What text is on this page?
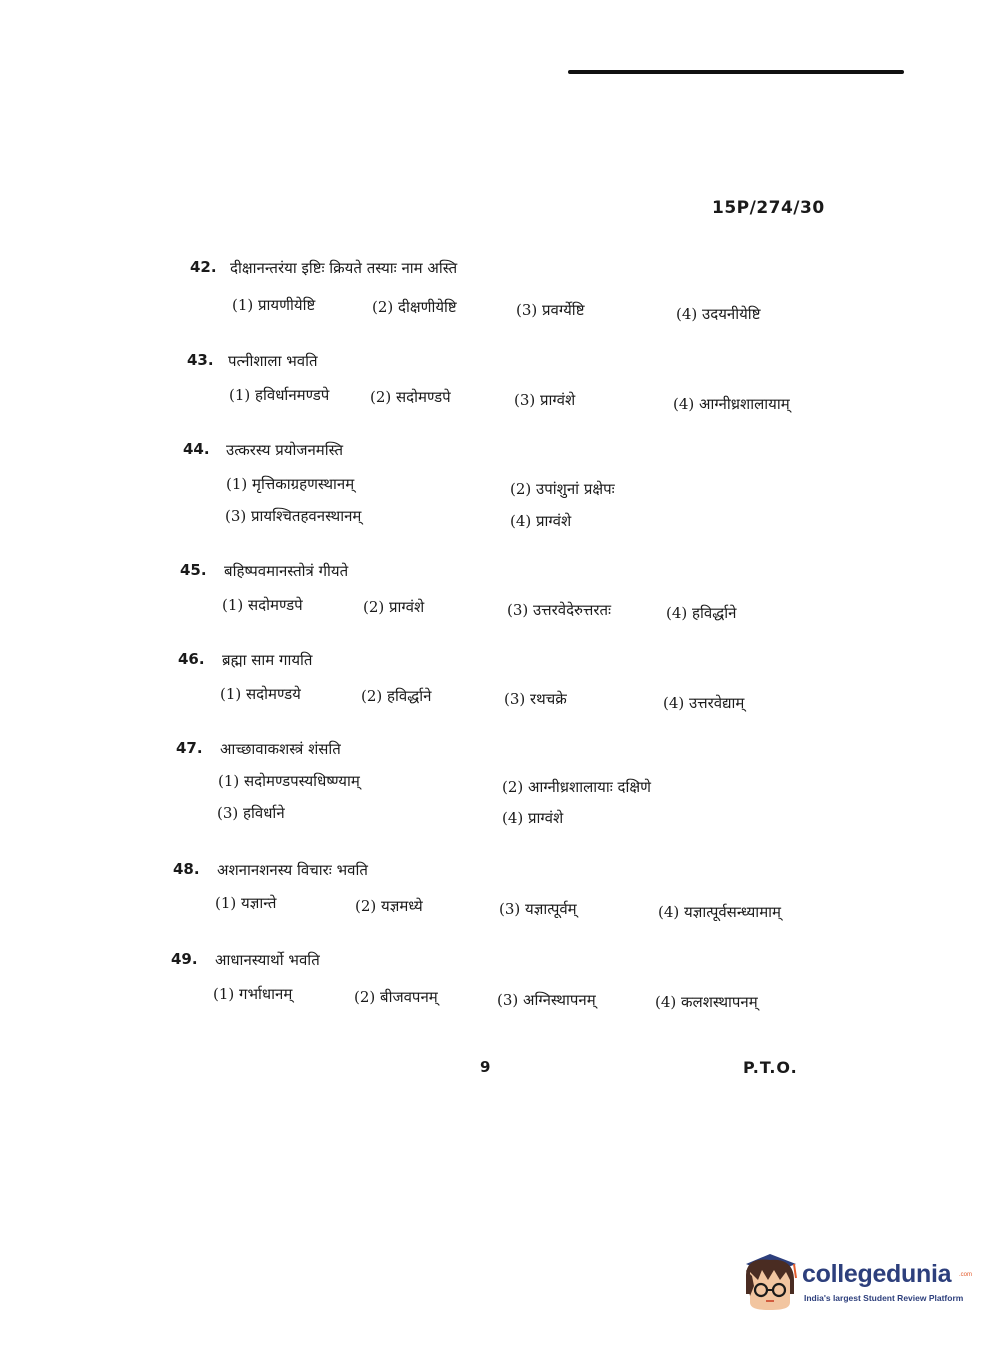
15P/274/30
42. दीक्षानन्तरंया इष्टिः क्रियते तस्याः नाम अस्ति
(1) प्रायणीयेष्टि	(2) दीक्षणीयेष्टि	(3) प्रवर्ग्येष्टि	(4) उदयनीयेष्टि
43. पत्नीशाला भवति
(1) हविर्धानमण्डपे	(2) सदोमण्डपे	(3) प्राग्वंशे	(4) आग्नीध्रशालायाम्
44. उत्करस्य प्रयोजनमस्ति
(1) मृत्तिकाग्रहणस्थानम्	(2) उपांशुनां प्रक्षेपः
(3) प्रायश्चितहवनस्थानम्	(4) प्राग्वंशे
45. बहिष्पवमानस्तोत्रं गीयते
(1) सदोमण्डपे	(2) प्राग्वंशे	(3) उत्तरवेदेरुत्तरतः	(4) हविर्द्धाने
46. ब्रह्मा साम गायति
(1) सदोमण्डये	(2) हविर्द्धाने	(3) रथचक्रे	(4) उत्तरवेद्याम्
47. आच्छावाकशस्त्रं शंसति
(1) सदोमण्डपस्यधिष्ण्याम्	(2) आग्नीध्रशालायाः दक्षिणे
(3) हविर्धाने	(4) प्राग्वंशे
48. अशनानशनस्य विचारः भवति
(1) यज्ञान्ते	(2) यज्ञमध्ये	(3) यज्ञात्पूर्वम्	(4) यज्ञात्पूर्वसन्ध्यामाम्
49. आधानस्यार्थो भवति
(1) गर्भाधानम्	(2) बीजवपनम्	(3) अग्निस्थापनम्	(4) कलशस्थापनम्
9	P.T.O.
collegedunia .com
India's largest Student Review Platform
